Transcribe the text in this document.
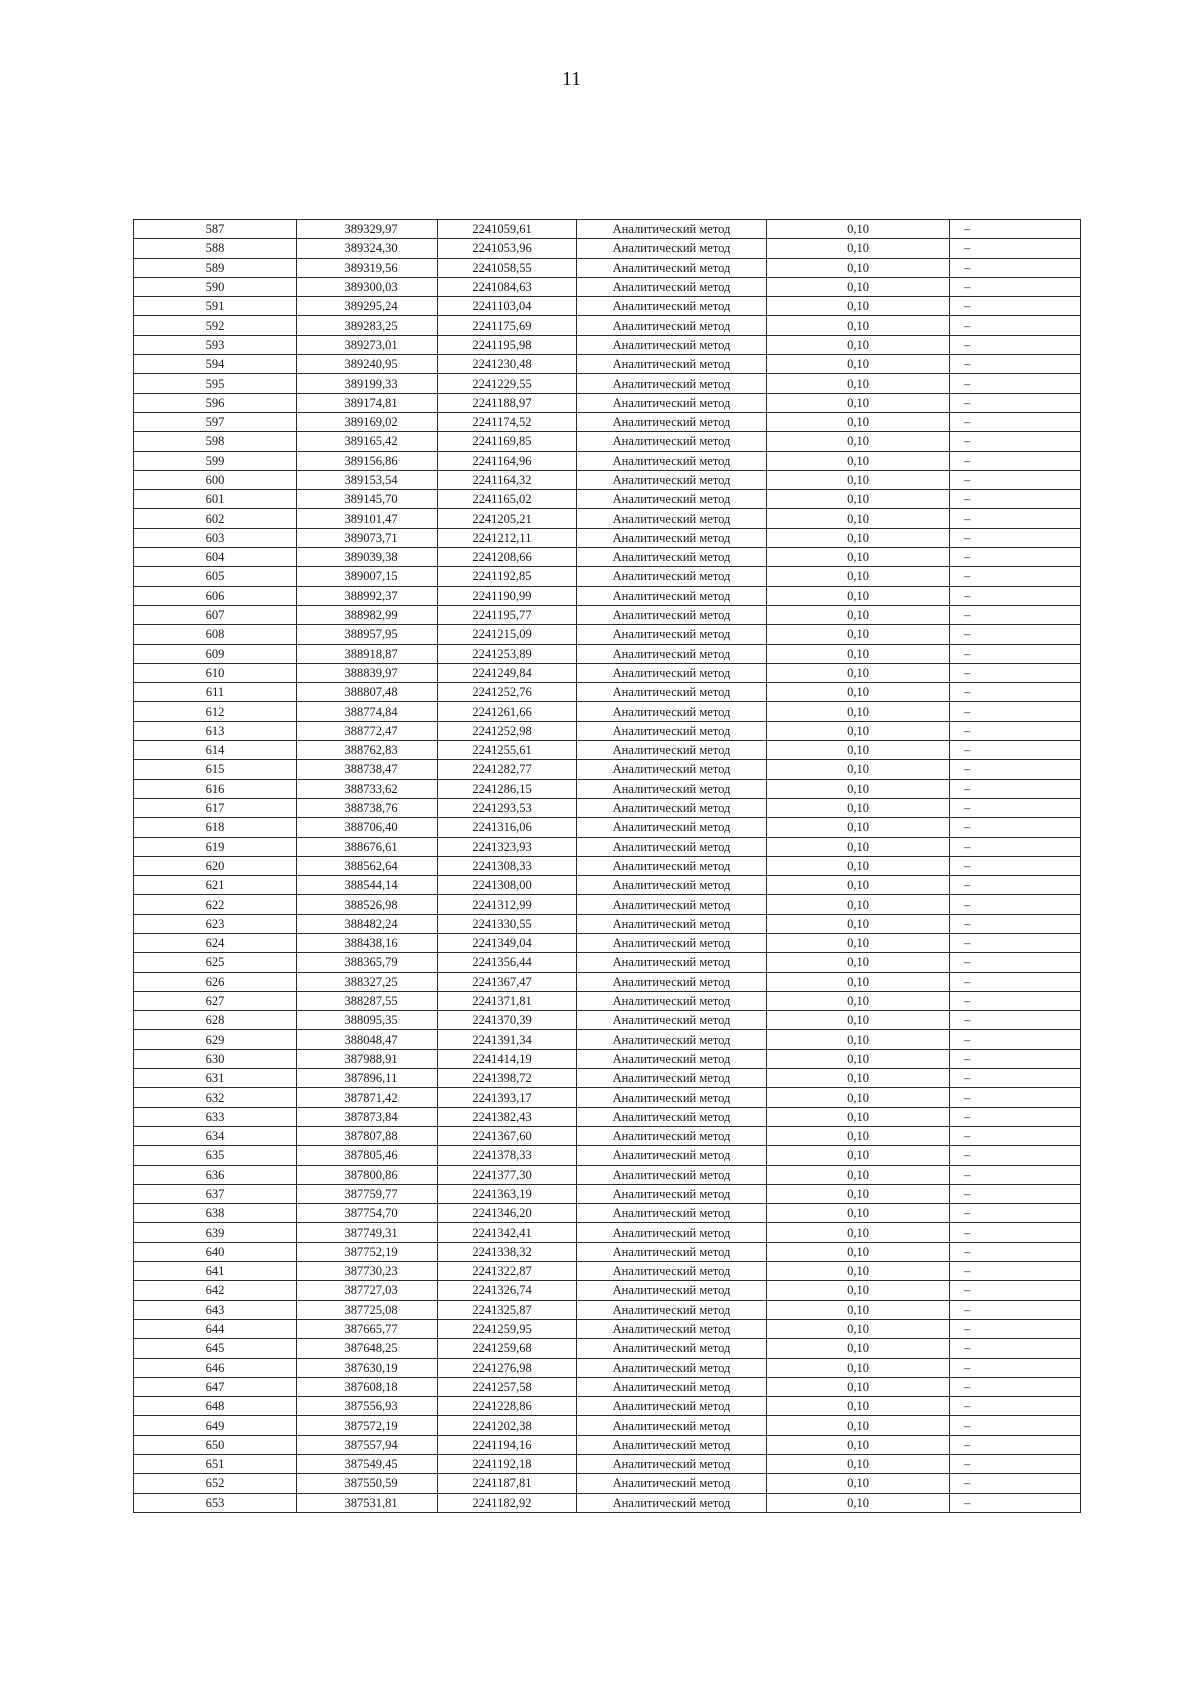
11
587	389329,97	2241059,61	Аналитический метод	0,10	–
588	389324,30	2241053,96	Аналитический метод	0,10	–
589	389319,56	2241058,55	Аналитический метод	0,10	–
590	389300,03	2241084,63	Аналитический метод	0,10	–
591	389295,24	2241103,04	Аналитический метод	0,10	–
592	389283,25	2241175,69	Аналитический метод	0,10	–
593	389273,01	2241195,98	Аналитический метод	0,10	–
594	389240,95	2241230,48	Аналитический метод	0,10	–
595	389199,33	2241229,55	Аналитический метод	0,10	–
596	389174,81	2241188,97	Аналитический метод	0,10	–
597	389169,02	2241174,52	Аналитический метод	0,10	–
598	389165,42	2241169,85	Аналитический метод	0,10	–
599	389156,86	2241164,96	Аналитический метод	0,10	–
600	389153,54	2241164,32	Аналитический метод	0,10	–
601	389145,70	2241165,02	Аналитический метод	0,10	–
602	389101,47	2241205,21	Аналитический метод	0,10	–
603	389073,71	2241212,11	Аналитический метод	0,10	–
604	389039,38	2241208,66	Аналитический метод	0,10	–
605	389007,15	2241192,85	Аналитический метод	0,10	–
606	388992,37	2241190,99	Аналитический метод	0,10	–
607	388982,99	2241195,77	Аналитический метод	0,10	–
608	388957,95	2241215,09	Аналитический метод	0,10	–
609	388918,87	2241253,89	Аналитический метод	0,10	–
610	388839,97	2241249,84	Аналитический метод	0,10	–
611	388807,48	2241252,76	Аналитический метод	0,10	–
612	388774,84	2241261,66	Аналитический метод	0,10	–
613	388772,47	2241252,98	Аналитический метод	0,10	–
614	388762,83	2241255,61	Аналитический метод	0,10	–
615	388738,47	2241282,77	Аналитический метод	0,10	–
616	388733,62	2241286,15	Аналитический метод	0,10	–
617	388738,76	2241293,53	Аналитический метод	0,10	–
618	388706,40	2241316,06	Аналитический метод	0,10	–
619	388676,61	2241323,93	Аналитический метод	0,10	–
620	388562,64	2241308,33	Аналитический метод	0,10	–
621	388544,14	2241308,00	Аналитический метод	0,10	–
622	388526,98	2241312,99	Аналитический метод	0,10	–
623	388482,24	2241330,55	Аналитический метод	0,10	–
624	388438,16	2241349,04	Аналитический метод	0,10	–
625	388365,79	2241356,44	Аналитический метод	0,10	–
626	388327,25	2241367,47	Аналитический метод	0,10	–
627	388287,55	2241371,81	Аналитический метод	0,10	–
628	388095,35	2241370,39	Аналитический метод	0,10	–
629	388048,47	2241391,34	Аналитический метод	0,10	–
630	387988,91	2241414,19	Аналитический метод	0,10	–
631	387896,11	2241398,72	Аналитический метод	0,10	–
632	387871,42	2241393,17	Аналитический метод	0,10	–
633	387873,84	2241382,43	Аналитический метод	0,10	–
634	387807,88	2241367,60	Аналитический метод	0,10	–
635	387805,46	2241378,33	Аналитический метод	0,10	–
636	387800,86	2241377,30	Аналитический метод	0,10	–
637	387759,77	2241363,19	Аналитический метод	0,10	–
638	387754,70	2241346,20	Аналитический метод	0,10	–
639	387749,31	2241342,41	Аналитический метод	0,10	–
640	387752,19	2241338,32	Аналитический метод	0,10	–
641	387730,23	2241322,87	Аналитический метод	0,10	–
642	387727,03	2241326,74	Аналитический метод	0,10	–
643	387725,08	2241325,87	Аналитический метод	0,10	–
644	387665,77	2241259,95	Аналитический метод	0,10	–
645	387648,25	2241259,68	Аналитический метод	0,10	–
646	387630,19	2241276,98	Аналитический метод	0,10	–
647	387608,18	2241257,58	Аналитический метод	0,10	–
648	387556,93	2241228,86	Аналитический метод	0,10	–
649	387572,19	2241202,38	Аналитический метод	0,10	–
650	387557,94	2241194,16	Аналитический метод	0,10	–
651	387549,45	2241192,18	Аналитический метод	0,10	–
652	387550,59	2241187,81	Аналитический метод	0,10	–
653	387531,81	2241182,92	Аналитический метод	0,10	–
